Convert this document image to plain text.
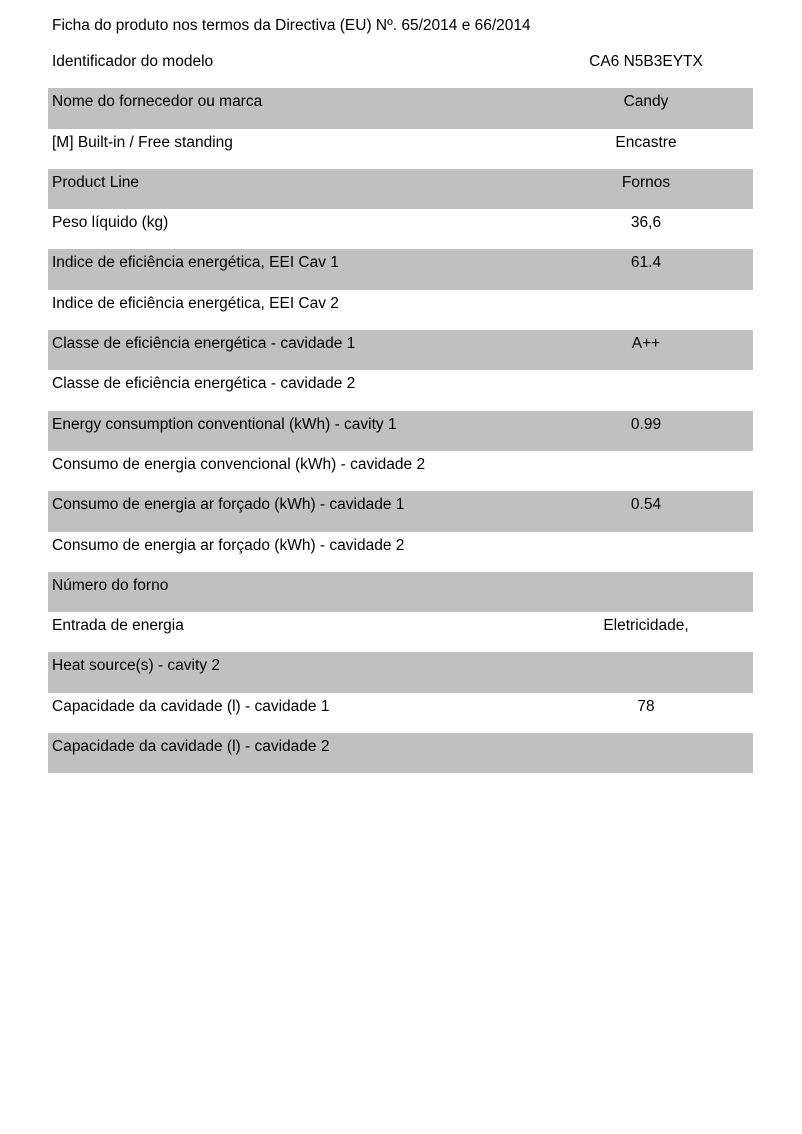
Ficha do produto nos termos da Directiva (EU) Nº. 65/2014 e 66/2014
Identificador do modelo	CA6 N5B3EYTX
Nome do fornecedor ou marca	Candy
[M] Built-in / Free standing	Encastre
Product Line	Fornos
Peso líquido (kg)	36,6
Indice de eficiência energética, EEI Cav 1	61.4
Indice de eficiência energética, EEI Cav 2
Classe de eficiência energética - cavidade 1	A++
Classe de eficiência energética - cavidade 2
Energy consumption conventional (kWh) - cavity 1	0.99
Consumo de energia convencional (kWh) - cavidade 2
Consumo de energia ar forçado (kWh) - cavidade 1	0.54
Consumo de energia ar forçado (kWh) - cavidade 2
Número do forno
Entrada de energia	Eletricidade,
Heat source(s) - cavity 2
Capacidade da cavidade (l) - cavidade 1	78
Capacidade da cavidade (l) - cavidade 2
